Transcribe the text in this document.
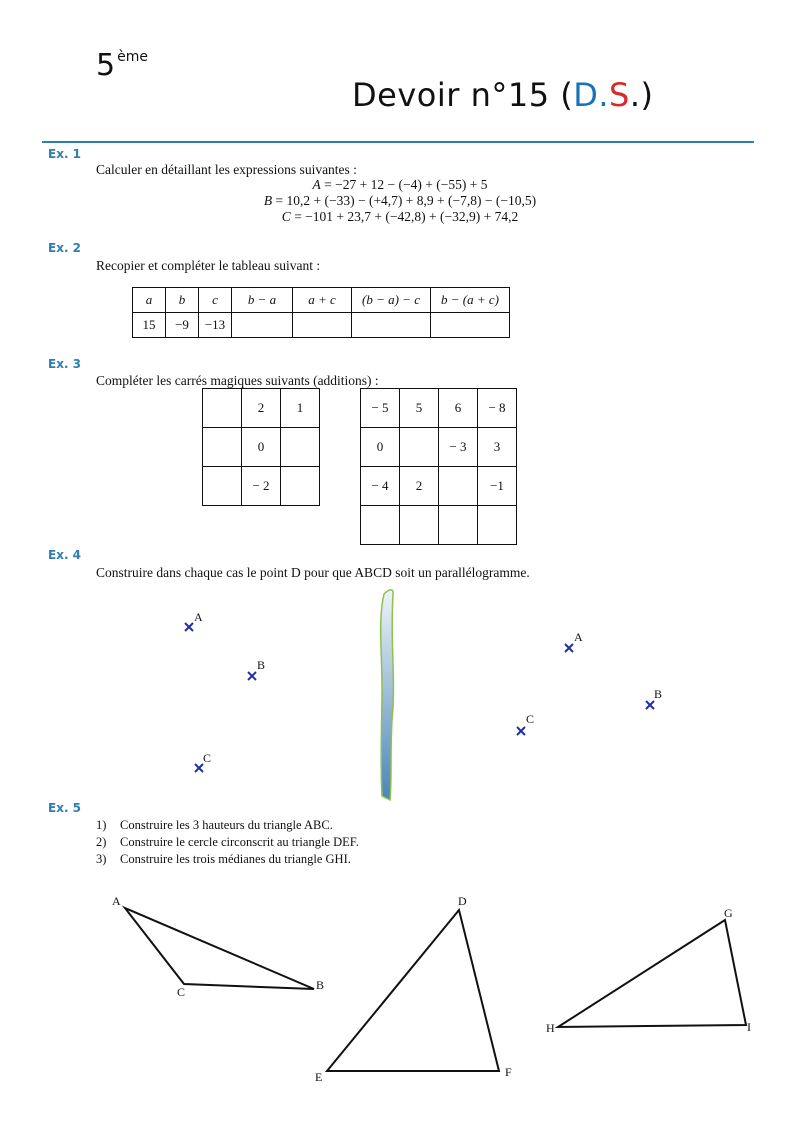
5 $^{ème}$
Devoir n°15 (D.S.)
Ex. 1
Calculer en détaillant les expressions suivantes :
A = −27 + 12 − (−4) + (−55) + 5
B = 10,2 + (−33) − (+4,7) + 8,9 + (−7,8) − (−10,5)
C = −101 + 23,7 + (−42,8) + (−32,9) + 74,2
Ex. 2
Recopier et compléter le tableau suivant :
a	b	c	b − a	a + c	(b − a) − c	b − (a + c)
15	−9	−13				
Ex. 3
Compléter les carrés magiques suivants (additions) :
	2	1
	0	
	− 2	
− 5	5	6	− 8
0		− 3	3
− 4	2		−1

Ex. 4
Construire dans chaque cas le point D pour que ABCD soit un parallélogramme.
A
B
C
A
B
C
A
B
C
D
E	F
G
H	I
Ex. 5
1) Construire les 3 hauteurs du triangle ABC.
2) Construire le cercle circonscrit au triangle DEF.
3) Construire les trois médianes du triangle GHI.
